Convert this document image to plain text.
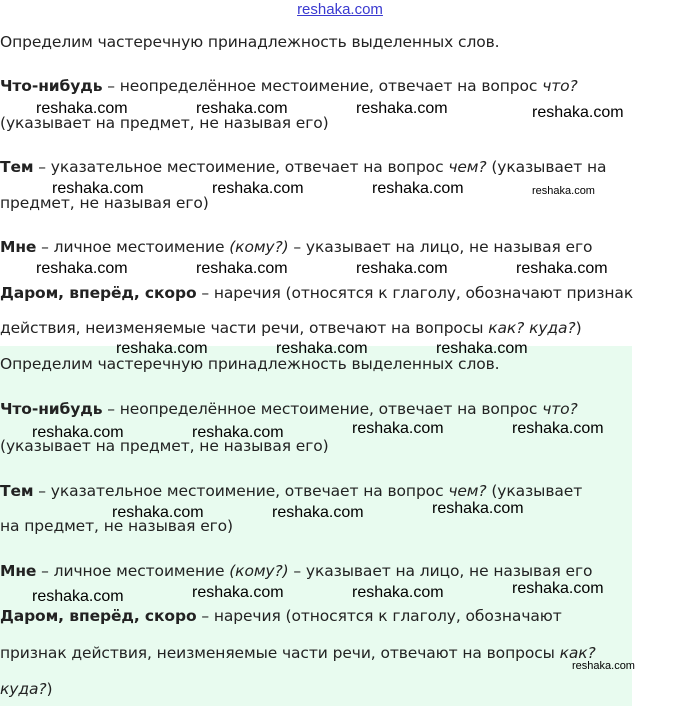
reshaka.com
Определим частеречную принадлежность выделенных слов.
Что-нибудь – неопределённое местоимение, отвечает на вопрос что?
(указывает на предмет, не называя его)
Тем – указательное местоимение, отвечает на вопрос чем? (указывает на
предмет, не называя его)
Мне – личное местоимение (кому?) – указывает на лицо, не называя его
Даром, вперёд, скоро – наречия (относятся к глаголу, обозначают признак
действия, неизменяемые части речи, отвечают на вопросы как? куда?)
Определим частеречную принадлежность выделенных слов.
Что-нибудь – неопределённое местоимение, отвечает на вопрос что?
(указывает на предмет, не называя его)
Тем – указательное местоимение, отвечает на вопрос чем? (указывает
на предмет, не называя его)
Мне – личное местоимение (кому?) – указывает на лицо, не называя его
Даром, вперёд, скоро – наречия (относятся к глаголу, обозначают
признак действия, неизменяемые части речи, отвечают на вопросы как?
куда?)
reshaka.com	reshaka.com	reshaka.com	reshaka.com
reshaka.com	reshaka.com	reshaka.com	reshaka.com
reshaka.com	reshaka.com	reshaka.com	reshaka.com
reshaka.com	reshaka.com	reshaka.com
reshaka.com	reshaka.com	reshaka.com	reshaka.com
reshaka.com	reshaka.com	reshaka.com
reshaka.com	reshaka.com	reshaka.com	reshaka.com
reshaka.com
